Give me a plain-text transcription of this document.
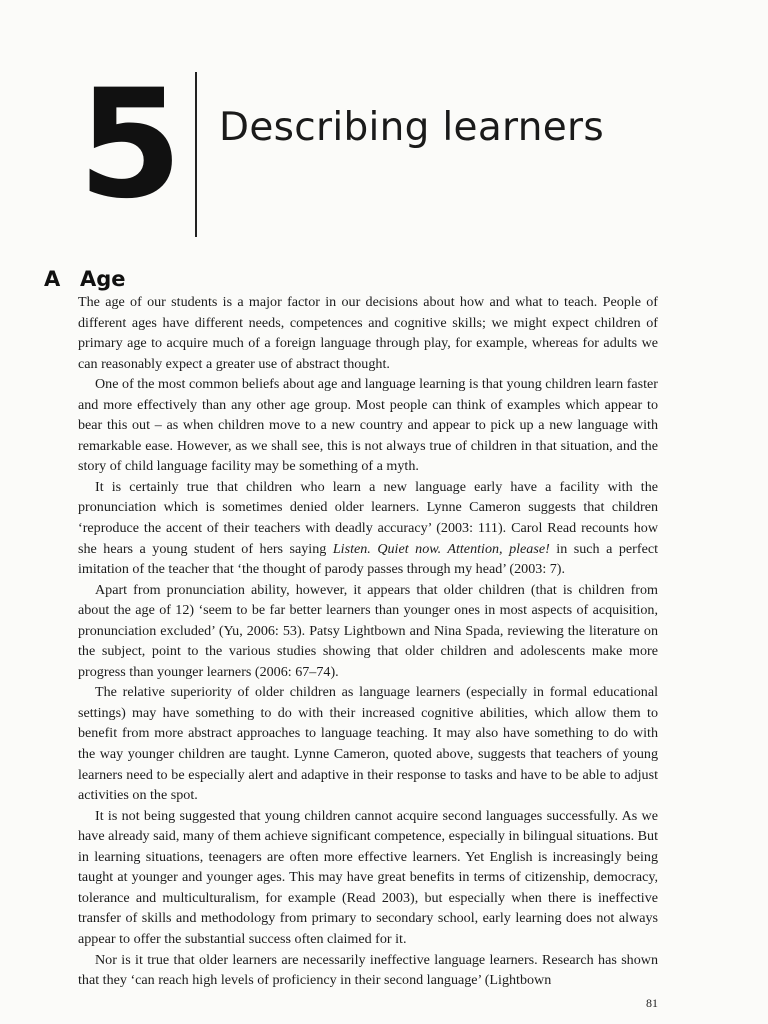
5 Describing learners
A Age

The age of our students is a major factor in our decisions about how and what to teach. People of different ages have different needs, competences and cognitive skills; we might expect children of primary age to acquire much of a foreign language through play, for example, whereas for adults we can reasonably expect a greater use of abstract thought.

One of the most common beliefs about age and language learning is that young children learn faster and more effectively than any other age group. Most people can think of examples which appear to bear this out – as when children move to a new country and appear to pick up a new language with remarkable ease. However, as we shall see, this is not always true of children in that situation, and the story of child language facility may be something of a myth.

It is certainly true that children who learn a new language early have a facility with the pronunciation which is sometimes denied older learners. Lynne Cameron suggests that children ‘reproduce the accent of their teachers with deadly accuracy’ (2003: 111). Carol Read recounts how she hears a young student of hers saying Listen. Quiet now. Attention, please! in such a perfect imitation of the teacher that ‘the thought of parody passes through my head’ (2003: 7).

Apart from pronunciation ability, however, it appears that older children (that is children from about the age of 12) ‘seem to be far better learners than younger ones in most aspects of acquisition, pronunciation excluded’ (Yu, 2006: 53). Patsy Lightbown and Nina Spada, reviewing the literature on the subject, point to the various studies showing that older children and adolescents make more progress than younger learners (2006: 67–74).

The relative superiority of older children as language learners (especially in formal educational settings) may have something to do with their increased cognitive abilities, which allow them to benefit from more abstract approaches to language teaching. It may also have something to do with the way younger children are taught. Lynne Cameron, quoted above, suggests that teachers of young learners need to be especially alert and adaptive in their response to tasks and have to be able to adjust activities on the spot.

It is not being suggested that young children cannot acquire second languages successfully. As we have already said, many of them achieve significant competence, especially in bilingual situations. But in learning situations, teenagers are often more effective learners. Yet English is increasingly being taught at younger and younger ages. This may have great benefits in terms of citizenship, democracy, tolerance and multiculturalism, for example (Read 2003), but especially when there is ineffective transfer of skills and methodology from primary to secondary school, early learning does not always appear to offer the substantial success often claimed for it.

Nor is it true that older learners are necessarily ineffective language learners. Research has shown that they ‘can reach high levels of proficiency in their second language’ (Lightbown

81
